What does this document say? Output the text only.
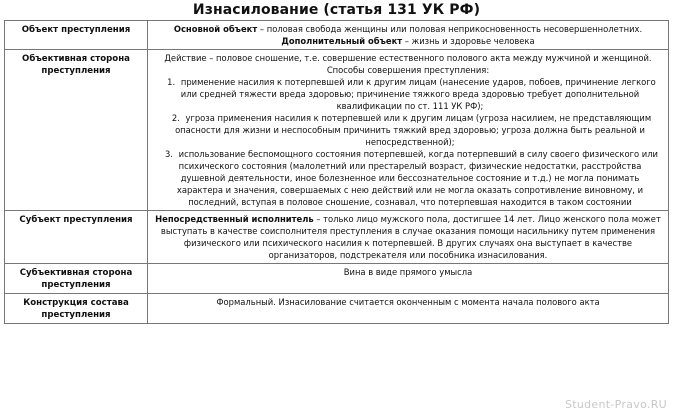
Изнасилование (статья 131 УК РФ)
Объект преступления	Основной объект – половая свобода женщины или половая неприкосновенность несовершеннолетних.
Дополнительный объект – жизнь и здоровье человека
Объективная сторона преступления	Действие – половое сношение, т.е. совершение естественного полового акта между мужчиной и женщиной.
Способы совершения преступления:
1. применение насилия к потерпевшей или к другим лицам (нанесение ударов, побоев, причинение легкого или средней тяжести вреда здоровью; причинение тяжкого вреда здоровью требует дополнительной квалификации по ст. 111 УК РФ);
2. угроза применения насилия к потерпевшей или к другим лицам (угроза насилием, не представляющим опасности для жизни и неспособным причинить тяжкий вред здоровью; угроза должна быть реальной и непосредственной);
3. использование беспомощного состояния потерпевшей, когда потерпевший в силу своего физического или психического состояния (малолетний или престарелый возраст, физические недостатки, расстройства душевной деятельности, иное болезненное или бессознательное состояние и т.д.) не могла понимать характера и значения, совершаемых с нею действий или не могла оказать сопротивление виновному, и последний, вступая в половое сношение, сознавал, что потерпевшая находится в таком состоянии

Субъект преступления	Непосредственный исполнитель – только лицо мужского пола, достигшее 14 лет. Лицо женского пола может выступать в качестве соисполнителя преступления в случае оказания помощи насильнику путем применения физического или психического насилия к потерпевшей. В других случаях она выступает в качестве организаторов, подстрекателя или пособника изнасилования.
Субъективная сторона преступления	Вина в виде прямого умысла
Конструкция состава преступления	Формальный. Изнасилование считается оконченным с момента начала полового акта
Student-Pravo.RU
